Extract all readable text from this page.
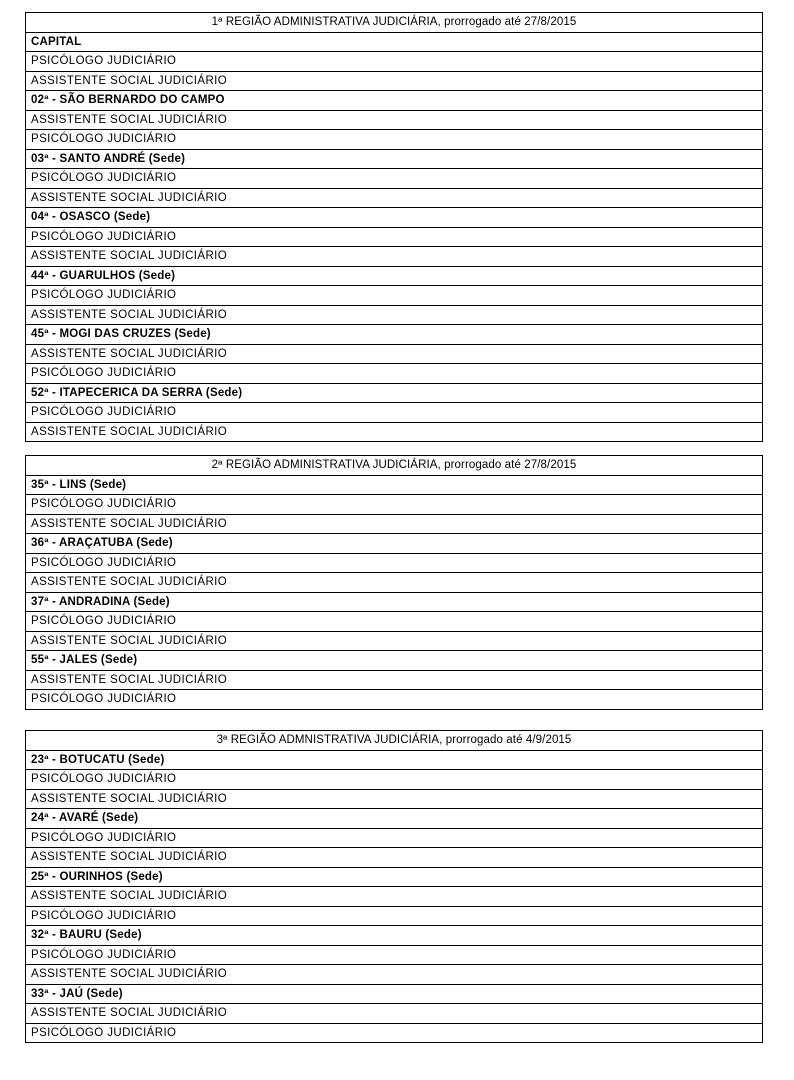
1ª REGIÃO ADMINISTRATIVA JUDICIÁRIA, prorrogado até 27/8/2015
CAPITAL
PSICÓLOGO JUDICIÁRIO
ASSISTENTE SOCIAL JUDICIÁRIO
02ª - SÃO BERNARDO DO CAMPO
ASSISTENTE SOCIAL JUDICIÁRIO
PSICÓLOGO JUDICIÁRIO
03ª - SANTO ANDRÉ (Sede)
PSICÓLOGO JUDICIÁRIO
ASSISTENTE SOCIAL JUDICIÁRIO
04ª - OSASCO (Sede)
PSICÓLOGO JUDICIÁRIO
ASSISTENTE SOCIAL JUDICIÁRIO
44ª - GUARULHOS (Sede)
PSICÓLOGO JUDICIÁRIO
ASSISTENTE SOCIAL JUDICIÁRIO
45ª - MOGI DAS CRUZES (Sede)
ASSISTENTE SOCIAL JUDICIÁRIO
PSICÓLOGO JUDICIÁRIO
52ª - ITAPECERICA DA SERRA (Sede)
PSICÓLOGO JUDICIÁRIO
ASSISTENTE SOCIAL JUDICIÁRIO
2ª REGIÃO ADMINISTRATIVA JUDICIÁRIA, prorrogado até 27/8/2015
35ª - LINS (Sede)
PSICÓLOGO JUDICIÁRIO
ASSISTENTE SOCIAL JUDICIÁRIO
36ª - ARAÇATUBA (Sede)
PSICÓLOGO JUDICIÁRIO
ASSISTENTE SOCIAL JUDICIÁRIO
37ª - ANDRADINA (Sede)
PSICÓLOGO JUDICIÁRIO
ASSISTENTE SOCIAL JUDICIÁRIO
55ª - JALES (Sede)
ASSISTENTE SOCIAL JUDICIÁRIO
PSICÓLOGO JUDICIÁRIO
3ª REGIÃO ADMNISTRATIVA JUDICIÁRIA, prorrogado até 4/9/2015
23ª - BOTUCATU (Sede)
PSICÓLOGO JUDICIÁRIO
ASSISTENTE SOCIAL JUDICIÁRIO
24ª - AVARÉ (Sede)
PSICÓLOGO JUDICIÁRIO
ASSISTENTE SOCIAL JUDICIÁRIO
25ª - OURINHOS (Sede)
ASSISTENTE SOCIAL JUDICIÁRIO
PSICÓLOGO JUDICIÁRIO
32ª - BAURU (Sede)
PSICÓLOGO JUDICIÁRIO
ASSISTENTE SOCIAL JUDICIÁRIO
33ª - JAÚ (Sede)
ASSISTENTE SOCIAL JUDICIÁRIO
PSICÓLOGO JUDICIÁRIO
